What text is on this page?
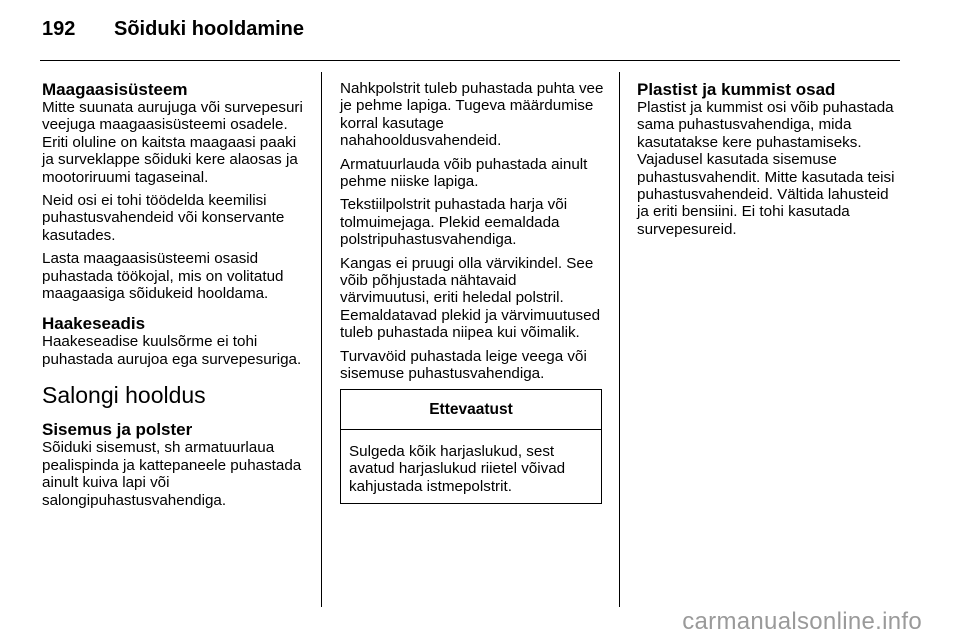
192 Sõiduki hooldamine
Maagaasisüsteem

Mitte suunata aurujuga või survepesuri veejuga maagaasisüsteemi osadele. Eriti oluline on kaitsta maagaasi paaki ja surveklappe sõiduki kere alaosas ja mootoriruumi tagaseinal.

Neid osi ei tohi töödelda keemilisi puhastusvahendeid või konservante kasutades.

Lasta maagaasisüsteemi osasid puhastada töökojal, mis on volitatud maagaasiga sõidukeid hooldama.

Haakeseadis

Haakeseadise kuulsõrme ei tohi puhastada aurujoa ega survepesuriga.

Salongi hooldus
Sisemus ja polster

Sõiduki sisemust, sh armatuurlaua pealispinda ja kattepaneele puhastada ainult kuiva lapi või salongipuhastusvahendiga.

Nahkpolstrit tuleb puhastada puhta vee je pehme lapiga. Tugeva määrdumise korral kasutage nahahooldusvahendeid.

Armatuurlauda võib puhastada ainult pehme niiske lapiga.

Tekstiilpolstrit puhastada harja või tolmuimejaga. Plekid eemaldada polstripuhastusvahendiga.

Kangas ei pruugi olla värvikindel. See võib põhjustada nähtavaid värvimuutusi, eriti heledal polstril. Eemaldatavad plekid ja värvimuutused tuleb puhastada niipea kui võimalik.

Turvavöid puhastada leige veega või sisemuse puhastusvahendiga.

Ettevaatust
Sulgeda kõik harjaslukud, sest avatud harjaslukud riietel võivad kahjustada istmepolstrit.
Plastist ja kummist osad

Plastist ja kummist osi võib puhastada sama puhastusvahendiga, mida kasutatakse kere puhastamiseks. Vajadusel kasutada sisemuse puhastusvahendit. Mitte kasutada teisi puhastusvahendeid. Vältida lahusteid ja eriti bensiini. Ei tohi kasutada survepesureid.

carmanualsonline.info
